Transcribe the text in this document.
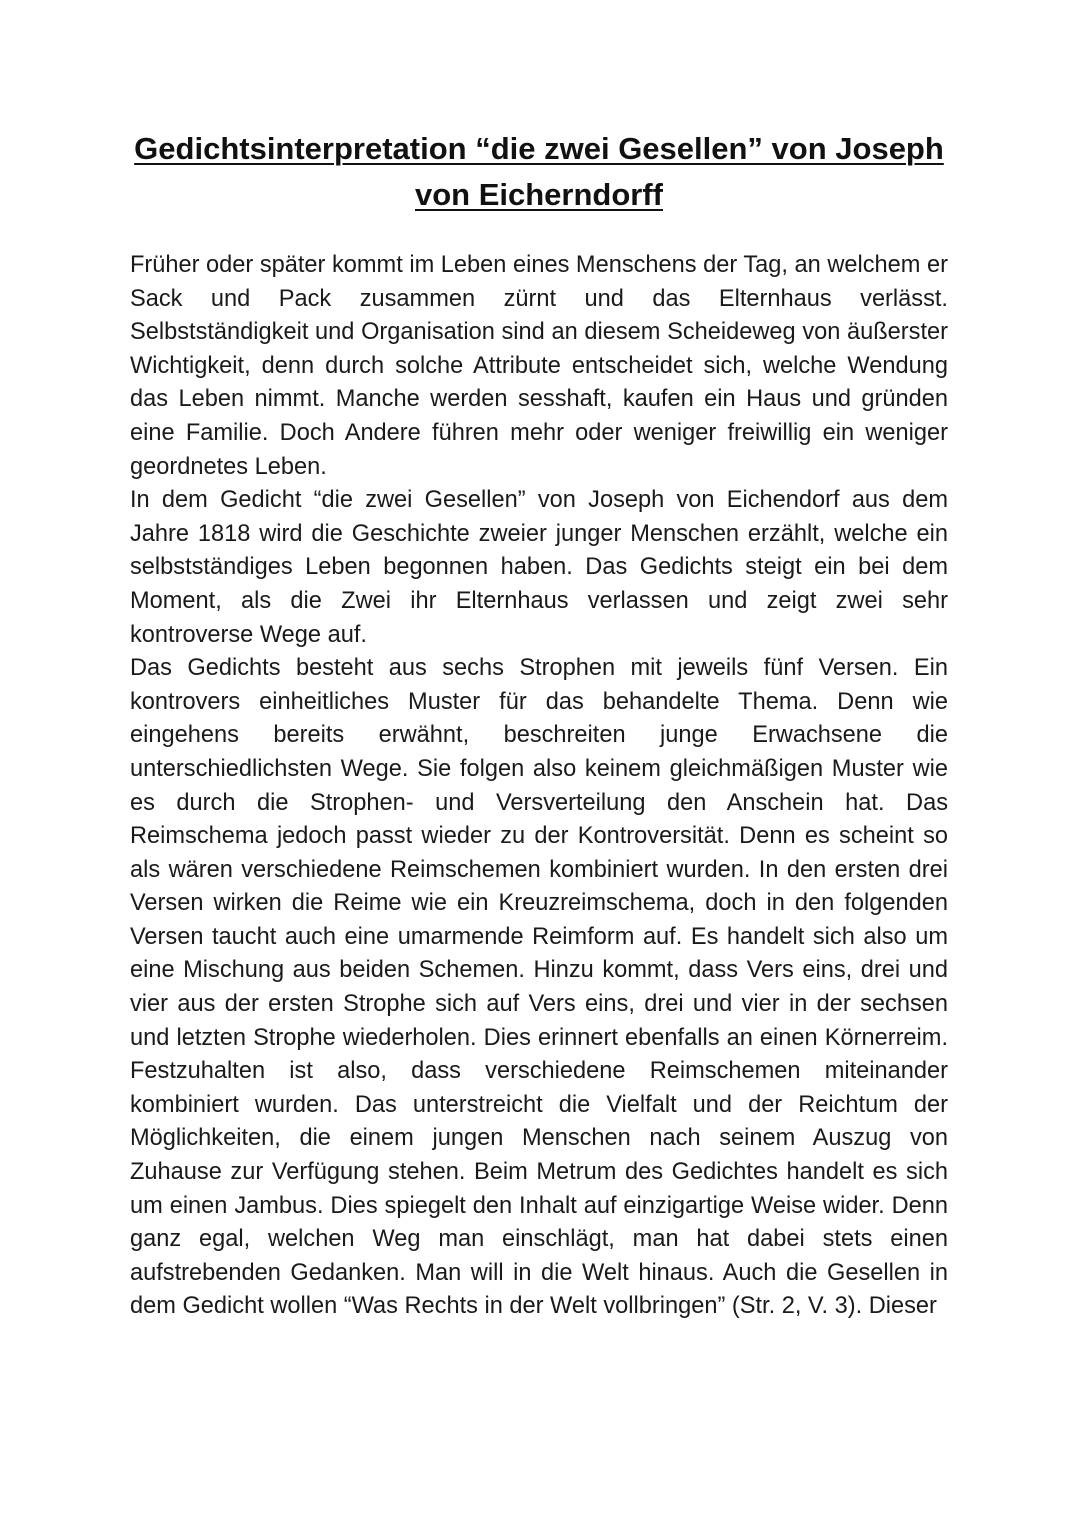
Gedichtsinterpretation “die zwei Gesellen” von Joseph von Eicherndorff

Früher oder später kommt im Leben eines Menschens der Tag, an welchem er Sack und Pack zusammen zürnt und das Elternhaus verlässt. Selbstständigkeit und Organisation sind an diesem Scheideweg von äußerster Wichtigkeit, denn durch solche Attribute entscheidet sich, welche Wendung das Leben nimmt. Manche werden sesshaft, kaufen ein Haus und gründen eine Familie. Doch Andere führen mehr oder weniger freiwillig ein weniger geordnetes Leben.

In dem Gedicht “die zwei Gesellen” von Joseph von Eichendorf aus dem Jahre 1818 wird die Geschichte zweier junger Menschen erzählt, welche ein selbstständiges Leben begonnen haben. Das Gedichts steigt ein bei dem Moment, als die Zwei ihr Elternhaus verlassen und zeigt zwei sehr kontroverse Wege auf.

Das Gedichts besteht aus sechs Strophen mit jeweils fünf Versen. Ein kontrovers einheitliches Muster für das behandelte Thema. Denn wie eingehens bereits erwähnt, beschreiten junge Erwachsene die unterschiedlichsten Wege. Sie folgen also keinem gleichmäßigen Muster wie es durch die Strophen- und Versverteilung den Anschein hat. Das Reimschema jedoch passt wieder zu der Kontroversität. Denn es scheint so als wären verschiedene Reimschemen kombiniert wurden. In den ersten drei Versen wirken die Reime wie ein Kreuzreimschema, doch in den folgenden Versen taucht auch eine umarmende Reimform auf. Es handelt sich also um eine Mischung aus beiden Schemen. Hinzu kommt, dass Vers eins, drei und vier aus der ersten Strophe sich auf Vers eins, drei und vier in der sechsen und letzten Strophe wiederholen. Dies erinnert ebenfalls an einen Körnerreim. Festzuhalten ist also, dass verschiedene Reimschemen miteinander kombiniert wurden. Das unterstreicht die Vielfalt und der Reichtum der Möglichkeiten, die einem jungen Menschen nach seinem Auszug von Zuhause zur Verfügung stehen. Beim Metrum des Gedichtes handelt es sich um einen Jambus. Dies spiegelt den Inhalt auf einzigartige Weise wider. Denn ganz egal, welchen Weg man einschlägt, man hat dabei stets einen aufstrebenden Gedanken. Man will in die Welt hinaus. Auch die Gesellen in dem Gedicht wollen “Was Rechts in der Welt vollbringen” (Str. 2, V. 3). Dieser
